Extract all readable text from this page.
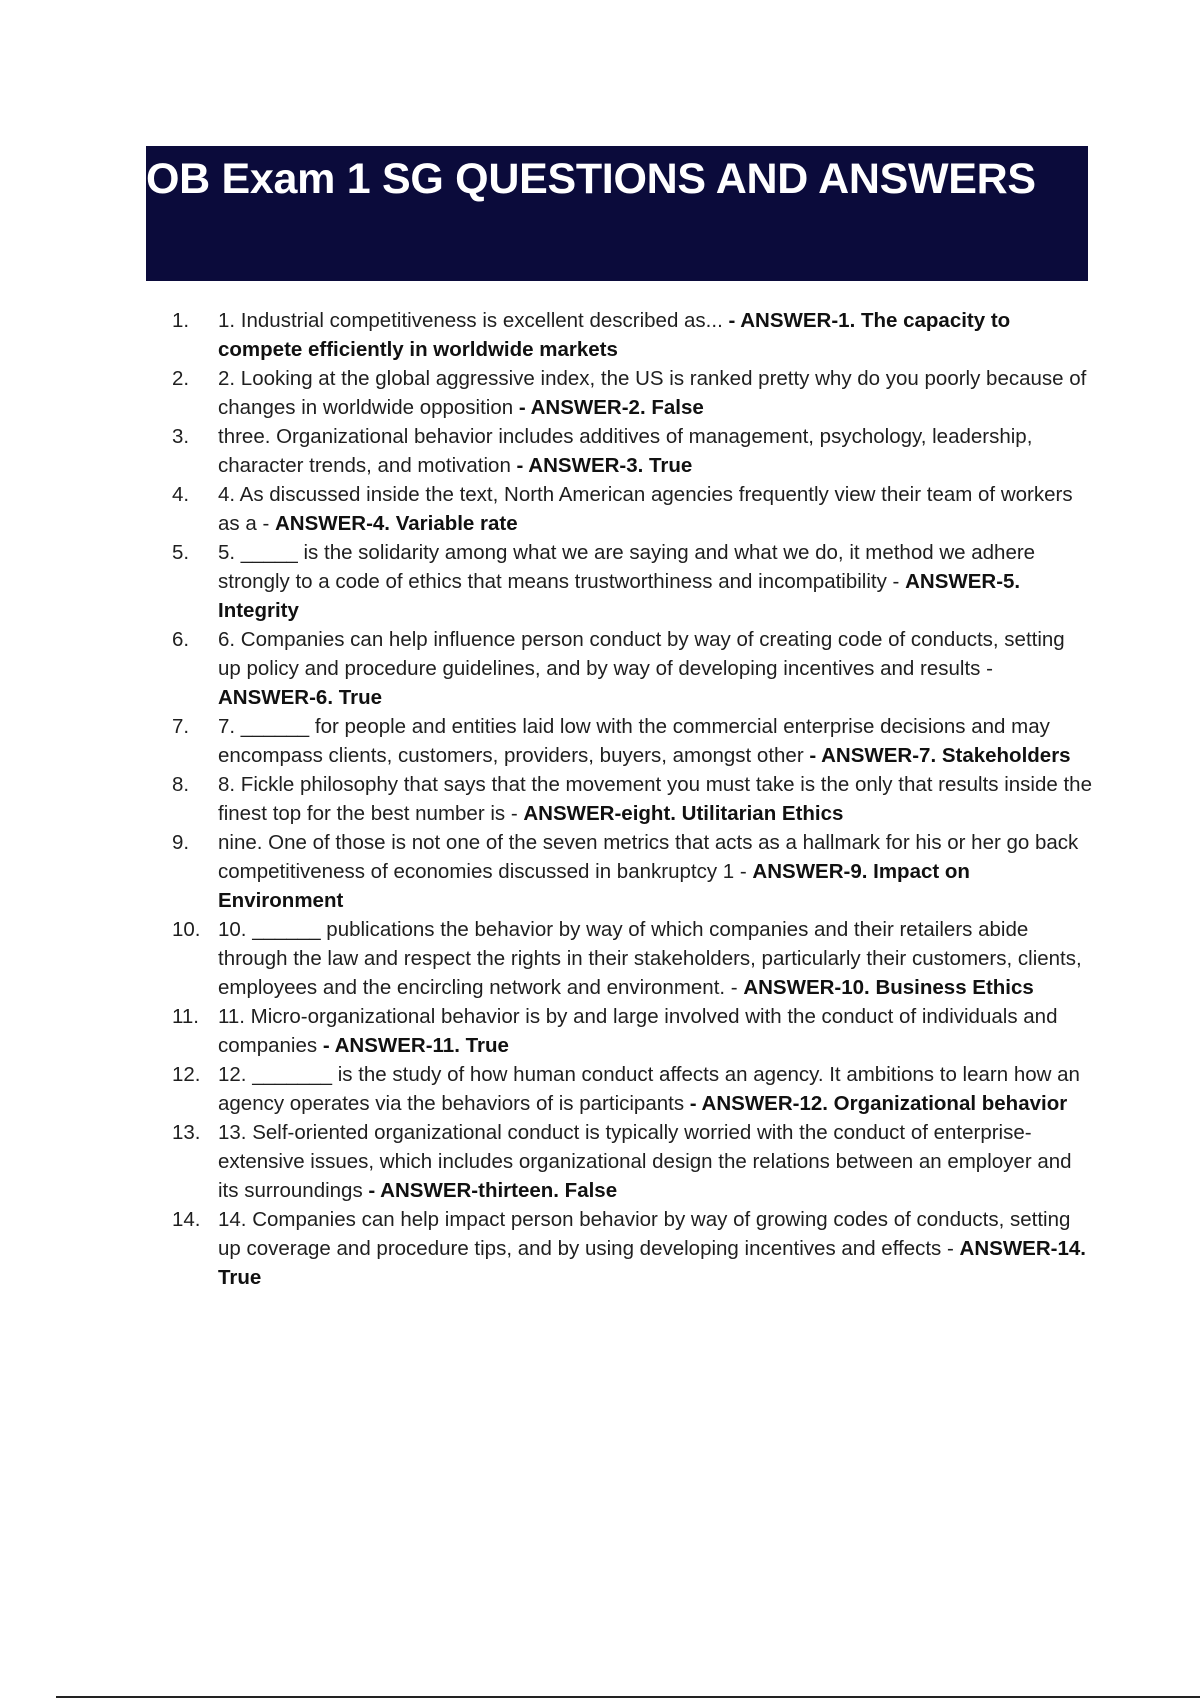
OB Exam 1 SG QUESTIONS AND ANSWERS
1.	1. Industrial competitiveness is excellent described as... - ANSWER-1. The capacity to compete efficiently in worldwide markets
2.	2. Looking at the global aggressive index, the US is ranked pretty why do you poorly because of changes in worldwide opposition - ANSWER-2. False
3.	three. Organizational behavior includes additives of management, psychology, leadership, character trends, and motivation - ANSWER-3. True
4.	4. As discussed inside the text, North American agencies frequently view their team of workers as a - ANSWER-4. Variable rate
5.	5. _____ is the solidarity among what we are saying and what we do, it method we adhere strongly to a code of ethics that means trustworthiness and incompatibility - ANSWER-5. Integrity
6.	6. Companies can help influence person conduct by way of creating code of conducts, setting up policy and procedure guidelines, and by way of developing incentives and results - ANSWER-6. True
7.	7. ______ for people and entities laid low with the commercial enterprise decisions and may encompass clients, customers, providers, buyers, amongst other - ANSWER-7. Stakeholders
8.	8. Fickle philosophy that says that the movement you must take is the only that results inside the finest top for the best number is - ANSWER-eight. Utilitarian Ethics
9.	nine. One of those is not one of the seven metrics that acts as a hallmark for his or her go back competitiveness of economies discussed in bankruptcy 1 - ANSWER-9. Impact on Environment
10. 10. ______ publications the behavior by way of which companies and their retailers abide through the law and respect the rights in their stakeholders, particularly their customers, clients, employees and the encircling network and environment. - ANSWER-10. Business Ethics
11. 11. Micro-organizational behavior is by and large involved with the conduct of individuals and companies - ANSWER-11. True
12. 12. _______ is the study of how human conduct affects an agency. It ambitions to learn how an agency operates via the behaviors of is participants - ANSWER-12. Organizational behavior
13. 13. Self-oriented organizational conduct is typically worried with the conduct of enterprise-extensive issues, which includes organizational design the relations between an employer and its surroundings - ANSWER-thirteen. False
14. 14. Companies can help impact person behavior by way of growing codes of conducts, setting up coverage and procedure tips, and by using developing incentives and effects - ANSWER-14. True
